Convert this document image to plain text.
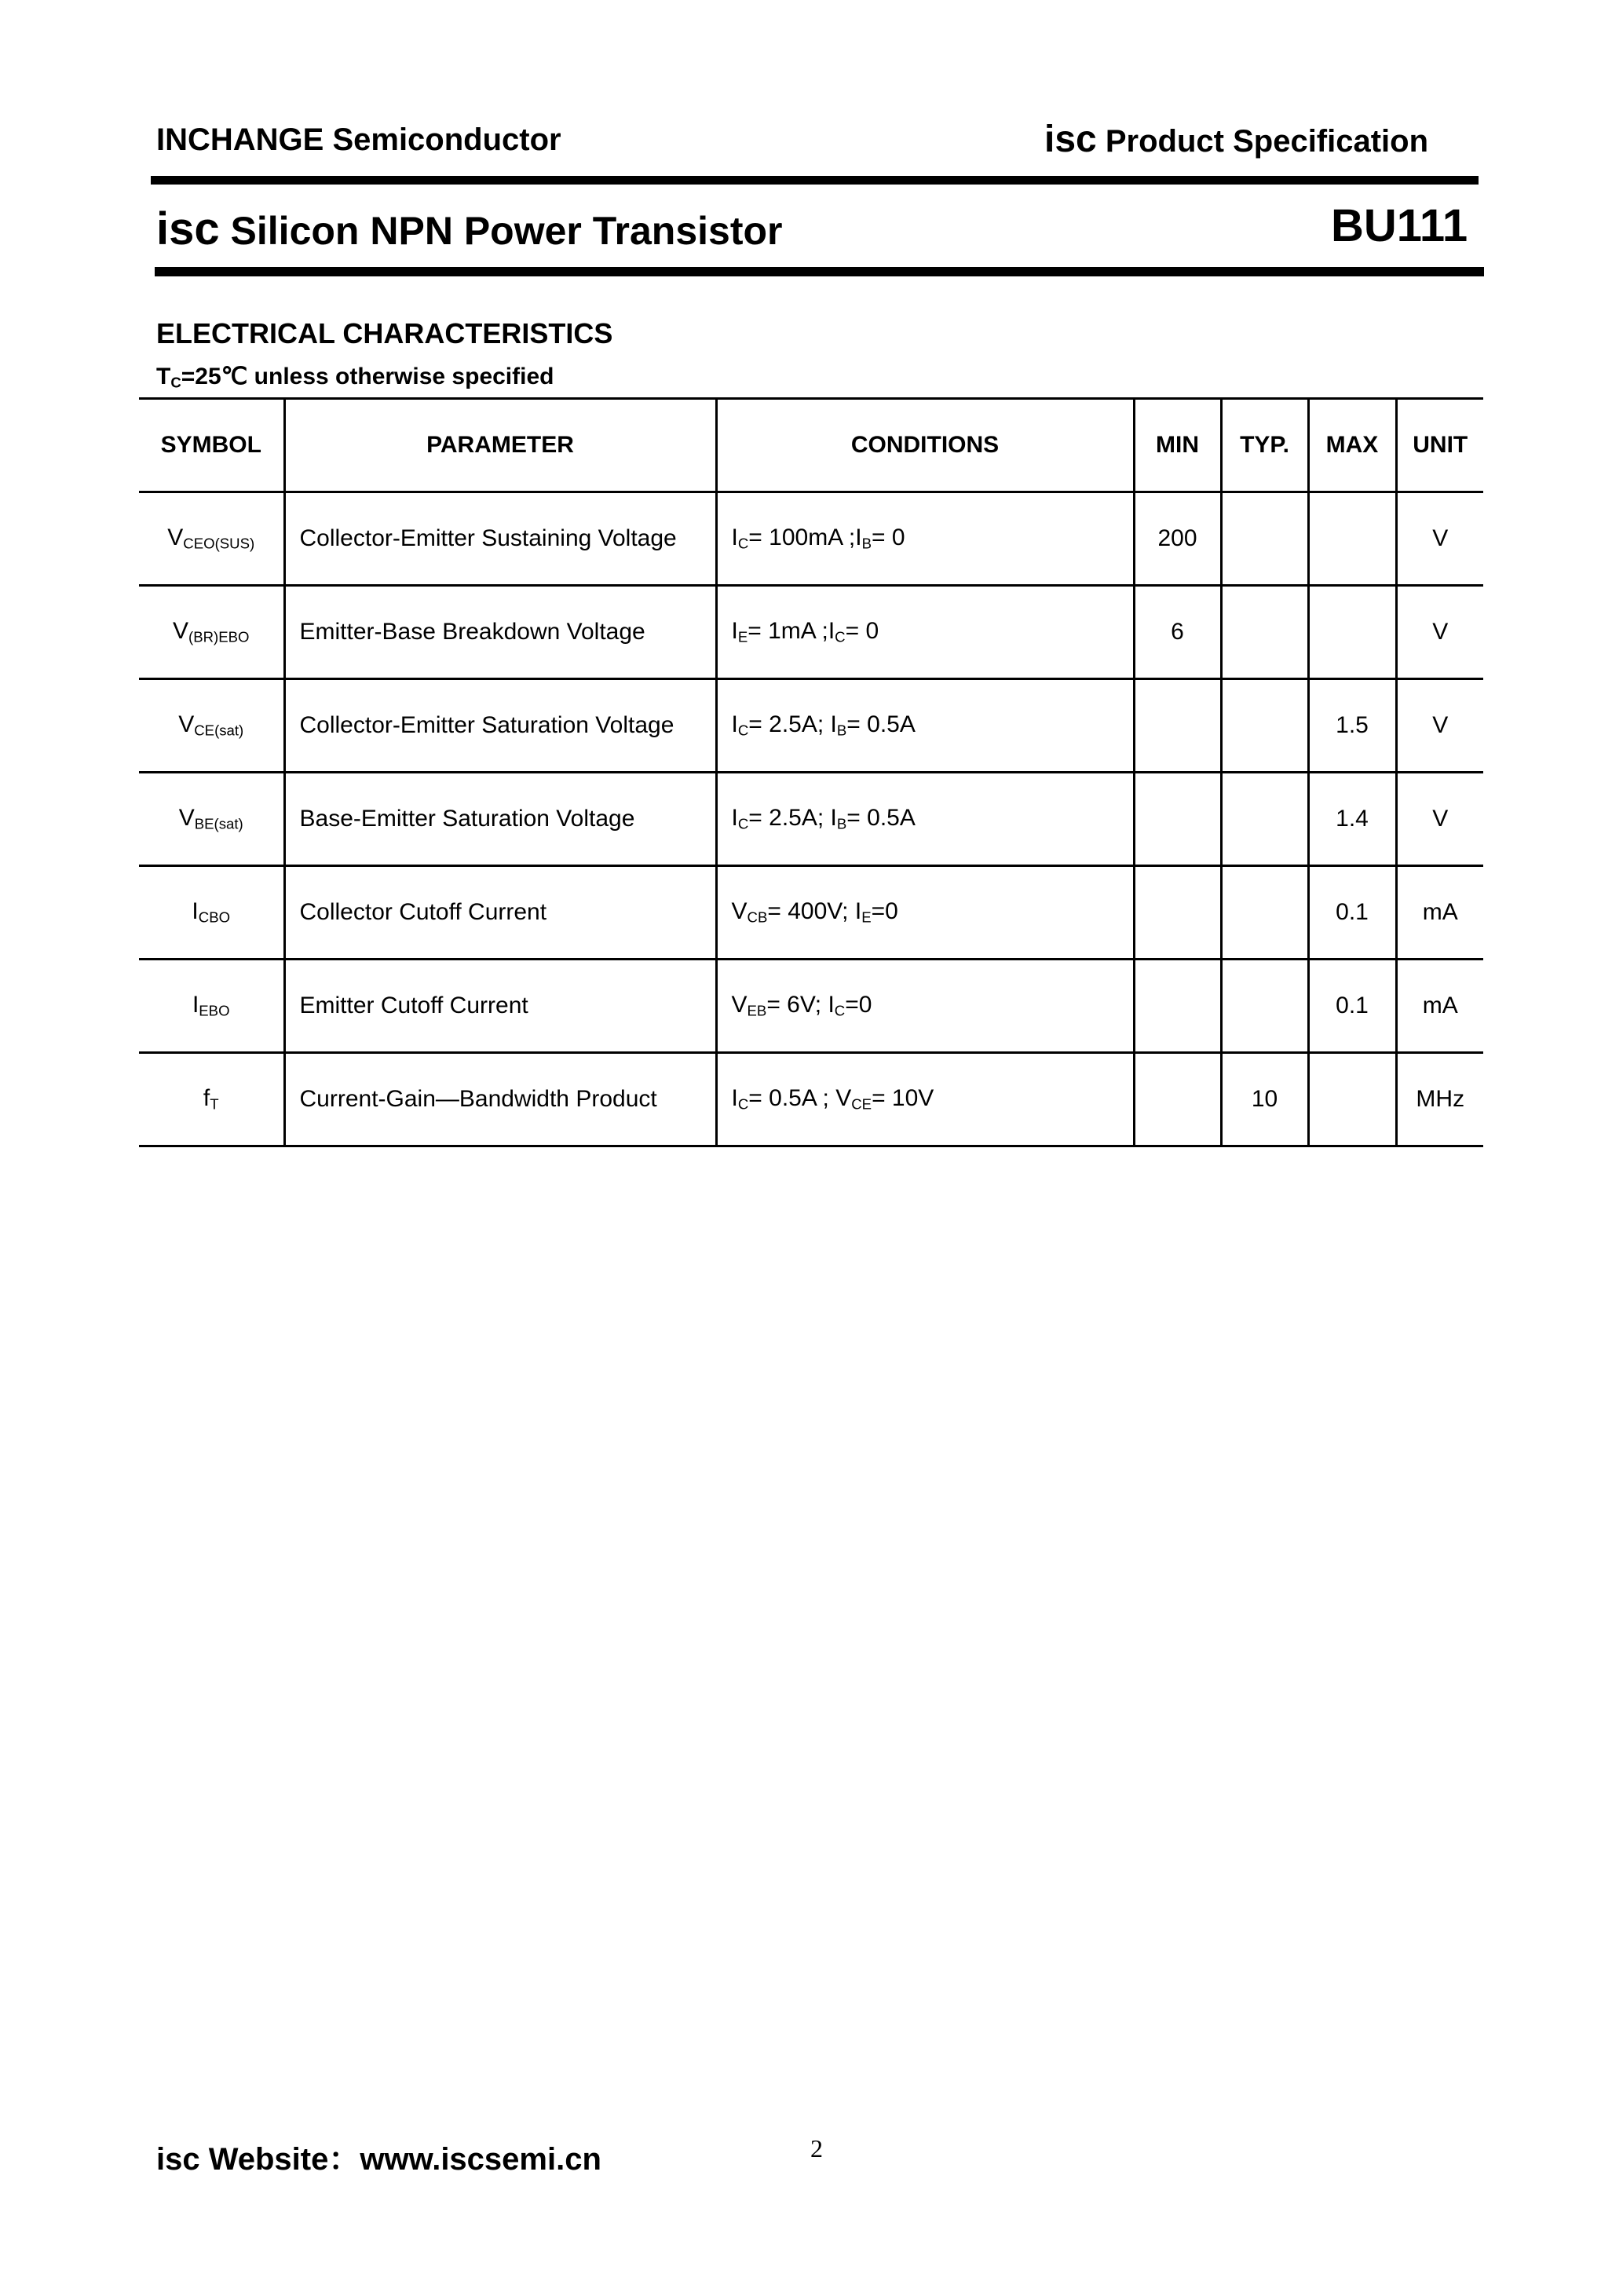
INCHANGE Semiconductor	isc Product Specification
isc Silicon NPN Power Transistor	BU111
ELECTRICAL CHARACTERISTICS
$T_C=25℃$ unless otherwise specified
SYMBOL	PARAMETER	CONDITIONS	MIN	TYP.	MAX	UNIT
$V_{CEO(SUS)}$	Collector-Emitter Sustaining Voltage	$I_C= 100mA$ $;I_B= 0$	200			V
$V_{(BR)EBO}$	Emitter-Base Breakdown Voltage	$I_E= 1mA$ $;I_C= 0$	6			V
$V_{CE(sat)}$	Collector-Emitter Saturation Voltage	$I_C= 2.5A$; $I_B= 0.5A$			1.5	V
$V_{BE(sat)}$	Base-Emitter Saturation Voltage	$I_C= 2.5A$; $I_B= 0.5A$			1.4	V
$I_{CBO}$	Collector Cutoff Current	$V_{CB}= 400V$; $I_E=0$			0.1	mA
$I_{EBO}$	Emitter Cutoff Current	$V_{EB}= 6V$; $I_C=0$			0.1	mA
$f_T$	Current-Gain—Bandwidth Product	$I_C= 0.5A$ ; $V_{CE}= 10V$		10		MHz
isc Website：www.iscsemi.cn	2
